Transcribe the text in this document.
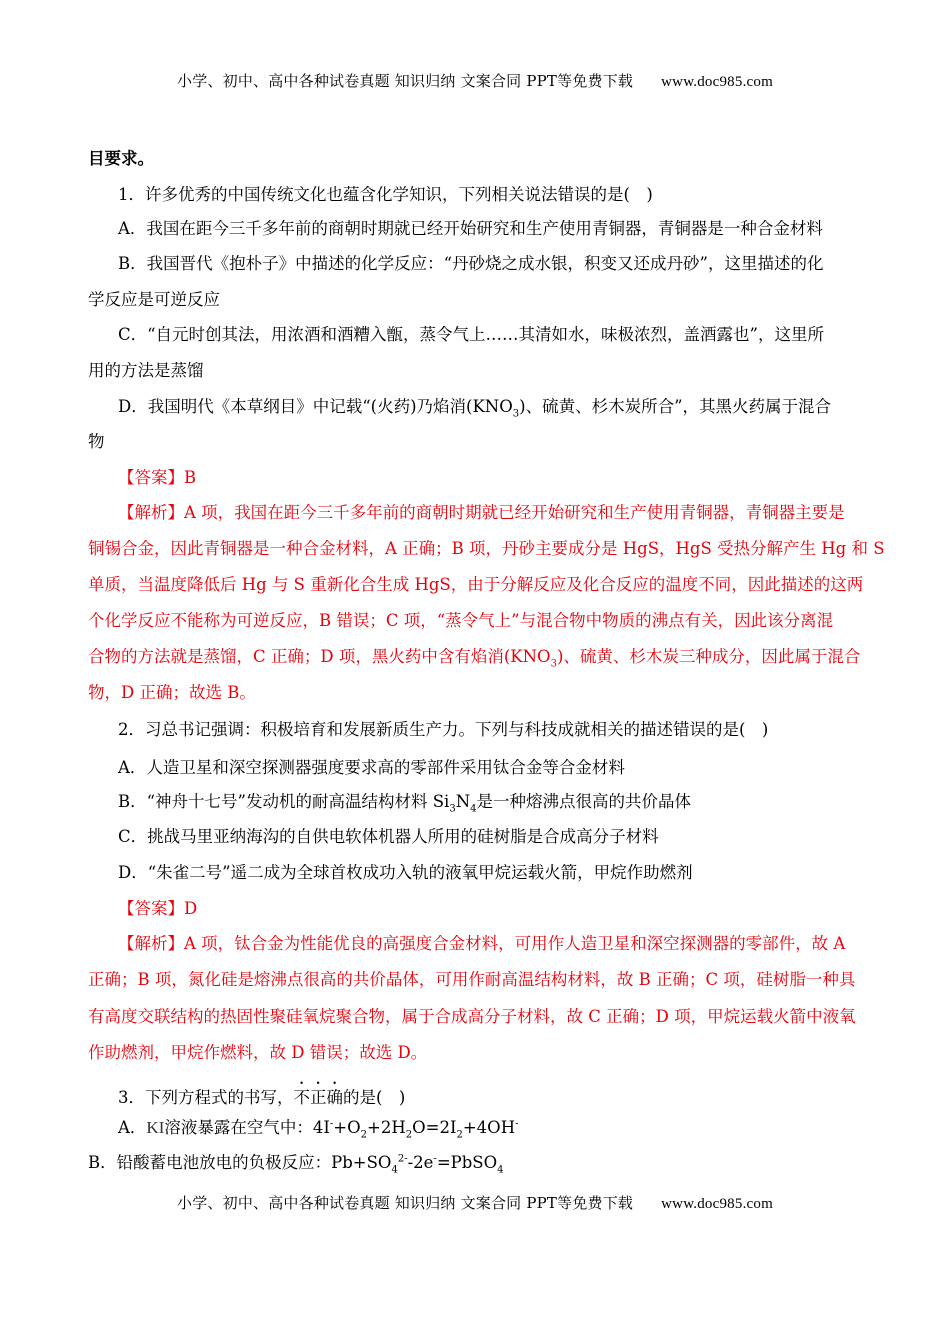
小学、初中、高中各种试卷真题 知识归纳 文案合同 PPT等免费下载 www.doc985.com
目要求。
1．许多优秀的中国传统文化也蕴含化学知识，下列相关说法错误的是(　)
A．我国在距今三千多年前的商朝时期就已经开始研究和生产使用青铜器，青铜器是一种合金材料
B．我国晋代《抱朴子》中描述的化学反应：“丹砂烧之成水银，积变又还成丹砂”，这里描述的化
学反应是可逆反应
C．“自元时创其法，用浓酒和酒糟入甑，蒸令气上……其清如水，味极浓烈，盖酒露也”，这里所
用的方法是蒸馏
D．我国明代《本草纲目》中记载“(火药)乃焰消$(KNO_3)$、硫黄、杉木炭所合”，其黑火药属于混合
物
【答案】B
【解析】A 项，我国在距今三千多年前的商朝时期就已经开始研究和生产使用青铜器，青铜器主要是
铜锡合金，因此青铜器是一种合金材料，A 正确；B 项，丹砂主要成分是 HgS，HgS 受热分解产生 Hg 和 S
单质，当温度降低后 Hg 与 S 重新化合生成 HgS，由于分解反应及化合反应的温度不同，因此描述的这两
个化学反应不能称为可逆反应，B 错误；C 项，“蒸令气上”与混合物中物质的沸点有关，因此该分离混
合物的方法就是蒸馏，C 正确；D 项，黑火药中含有焰消$(KNO_3)$、硫黄、杉木炭三种成分，因此属于混合
物，D 正确；故选 B。
2．习总书记强调：积极培育和发展新质生产力。下列与科技成就相关的描述错误的是(　)
A．人造卫星和深空探测器强度要求高的零部件采用钛合金等合金材料
B．“神舟十七号”发动机的耐高温结构材料 $Si_3N_4$是一种熔沸点很高的共价晶体
C．挑战马里亚纳海沟的自供电软体机器人所用的硅树脂是合成高分子材料
D．“朱雀二号”遥二成为全球首枚成功入轨的液氧甲烷运载火箭，甲烷作助燃剂
【答案】D
【解析】A 项，钛合金为性能优良的高强度合金材料，可用作人造卫星和深空探测器的零部件，故 A
正确；B 项，氮化硅是熔沸点很高的共价晶体，可用作耐高温结构材料，故 B 正确；C 项，硅树脂一种具
有高度交联结构的热固性聚硅氧烷聚合物，属于合成高分子材料，故 C 正确；D 项，甲烷运载火箭中液氧
作助燃剂，甲烷作燃料，故 D 错误；故选 D。
3．下列方程式的书写，不正确的是(　)
A．KI溶液暴露在空气中：$4I^-+O_2+2H_2O=2I_2+4OH^-$
B．铅酸蓄电池放电的负极反应：$Pb+SO_4^{2-}-2e^-=PbSO_4$
小学、初中、高中各种试卷真题 知识归纳 文案合同 PPT等免费下载 www.doc985.com
